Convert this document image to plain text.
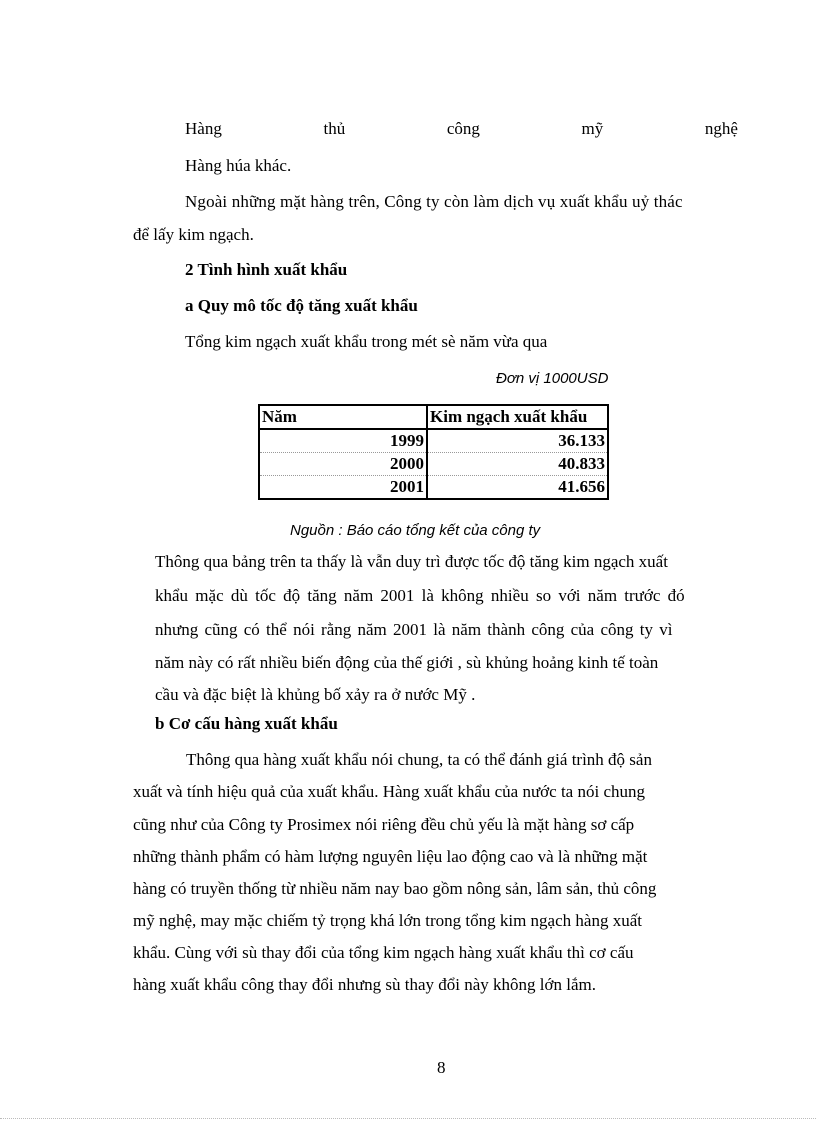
Hàng	thủ	công	mỹ	nghệ
Hàng húa khác.
Ngoài những mặt hàng trên, Công ty còn làm dịch vụ xuất khẩu uỷ thác
để lấy kim ngạch.
2 Tình hình xuất khẩu
a Quy mô tốc độ tăng xuất khẩu
Tổng kim ngạch xuất khẩu trong mét sè năm vừa qua
Đơn vị 1000USD
Năm	Kim ngạch xuất khẩu
1999	36.133
2000	40.833
2001	41.656
Nguồn : Báo cáo tổng kết của công ty
Thông qua bảng trên ta thấy là vẫn duy trì được tốc độ tăng kim ngạch xuất
khẩu mặc dù tốc độ tăng năm 2001 là không nhiều so với năm trước đó
nhưng cũng có thể nói rằng năm 2001 là năm thành công của công ty vì
năm này có rất nhiều biến động của thế giới , sù khủng hoảng kinh tế toàn
cầu và đặc biệt là khủng bố xảy ra ở nước Mỹ .
b Cơ cấu hàng xuất khẩu
Thông qua hàng xuất khẩu nói chung, ta có thể đánh giá trình độ sản
xuất và tính hiệu quả của xuất khẩu. Hàng xuất khẩu của nước ta nói chung
cũng như của Công ty Prosimex nói riêng đều chủ yếu là mặt hàng sơ cấp
những thành phẩm có hàm lượng nguyên liệu lao động cao và là những mặt
hàng có truyền thống từ nhiều năm nay bao gồm nông sản, lâm sản, thủ công
mỹ nghệ, may mặc chiếm tỷ trọng khá lớn trong tổng kim ngạch hàng xuất
khẩu. Cùng với sù thay đổi của tổng kim ngạch hàng xuất khẩu thì cơ cấu
hàng xuất khẩu công thay đổi nhưng sù thay đổi này không lớn lắm.
8
